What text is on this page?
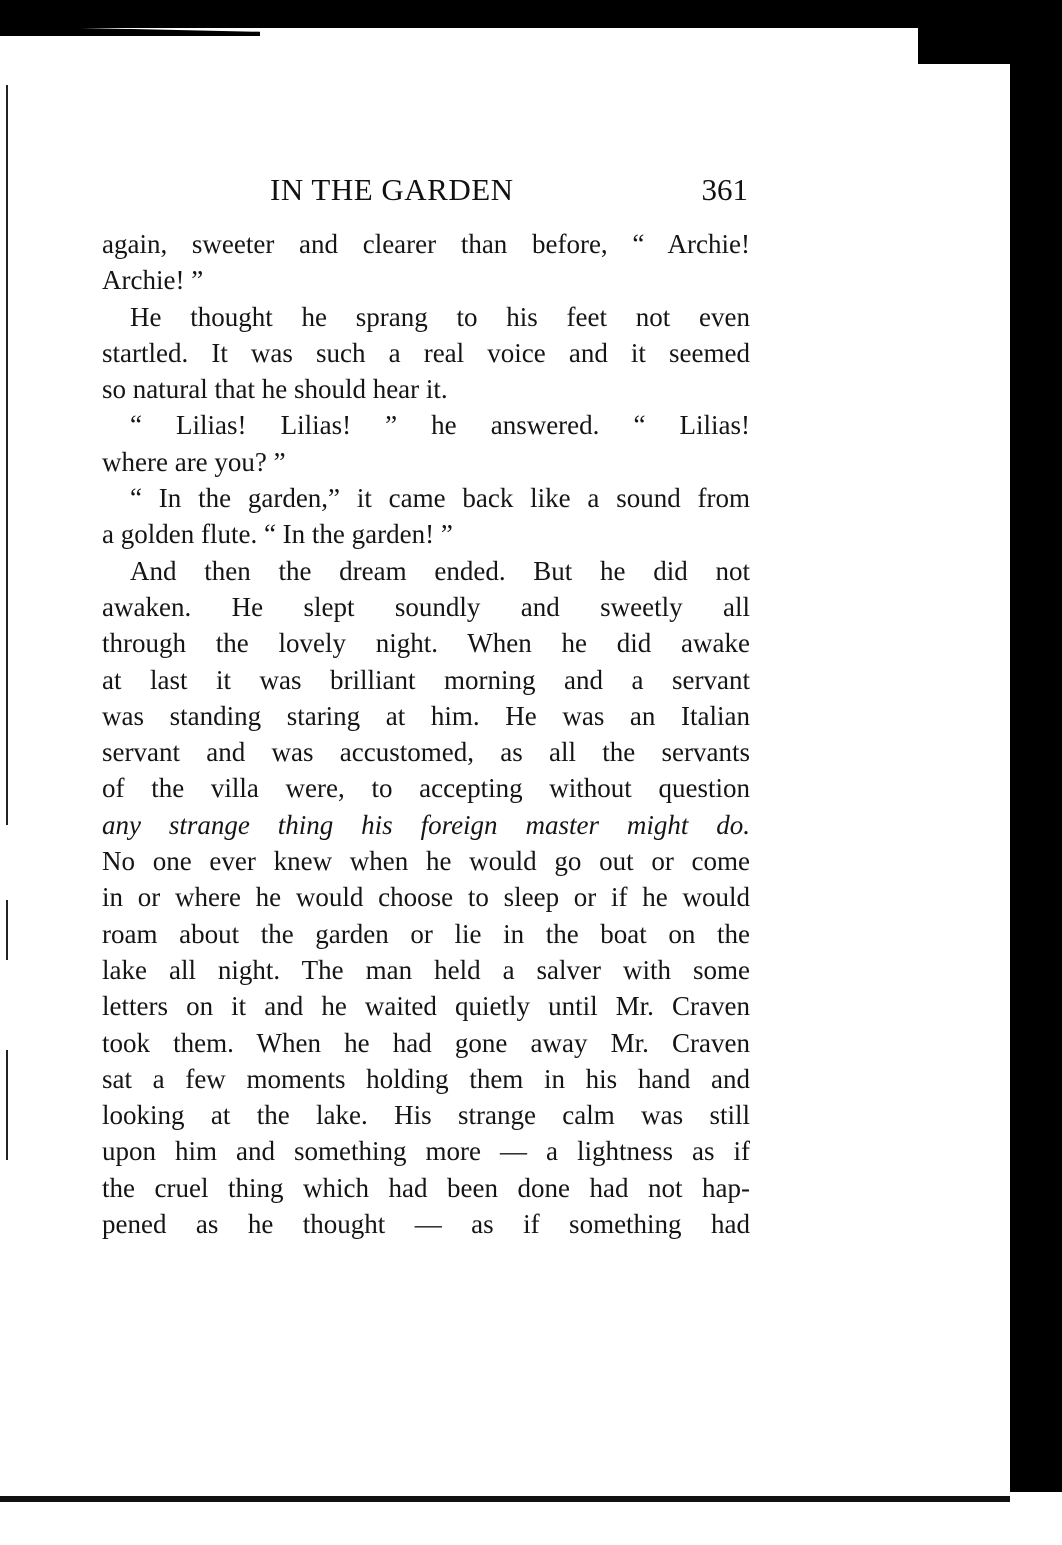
IN THE GARDEN	361
again, sweeter and clearer than before, “ Archie!
Archie! ”
He thought he sprang to his feet not even
startled. It was such a real voice and it seemed
so natural that he should hear it.
“ Lilias! Lilias! ” he answered. “ Lilias!
where are you? ”
“ In the garden,” it came back like a sound from
a golden flute. “ In the garden! ”
And then the dream ended. But he did not
awaken. He slept soundly and sweetly all
through the lovely night. When he did awake
at last it was brilliant morning and a servant
was standing staring at him. He was an Italian
servant and was accustomed, as all the servants
of the villa were, to accepting without question
any strange thing his foreign master might do.
No one ever knew when he would go out or come
in or where he would choose to sleep or if he would
roam about the garden or lie in the boat on the
lake all night. The man held a salver with some
letters on it and he waited quietly until Mr. Craven
took them. When he had gone away Mr. Craven
sat a few moments holding them in his hand and
looking at the lake. His strange calm was still
upon him and something more — a lightness as if
the cruel thing which had been done had not hap-
pened as he thought — as if something had
